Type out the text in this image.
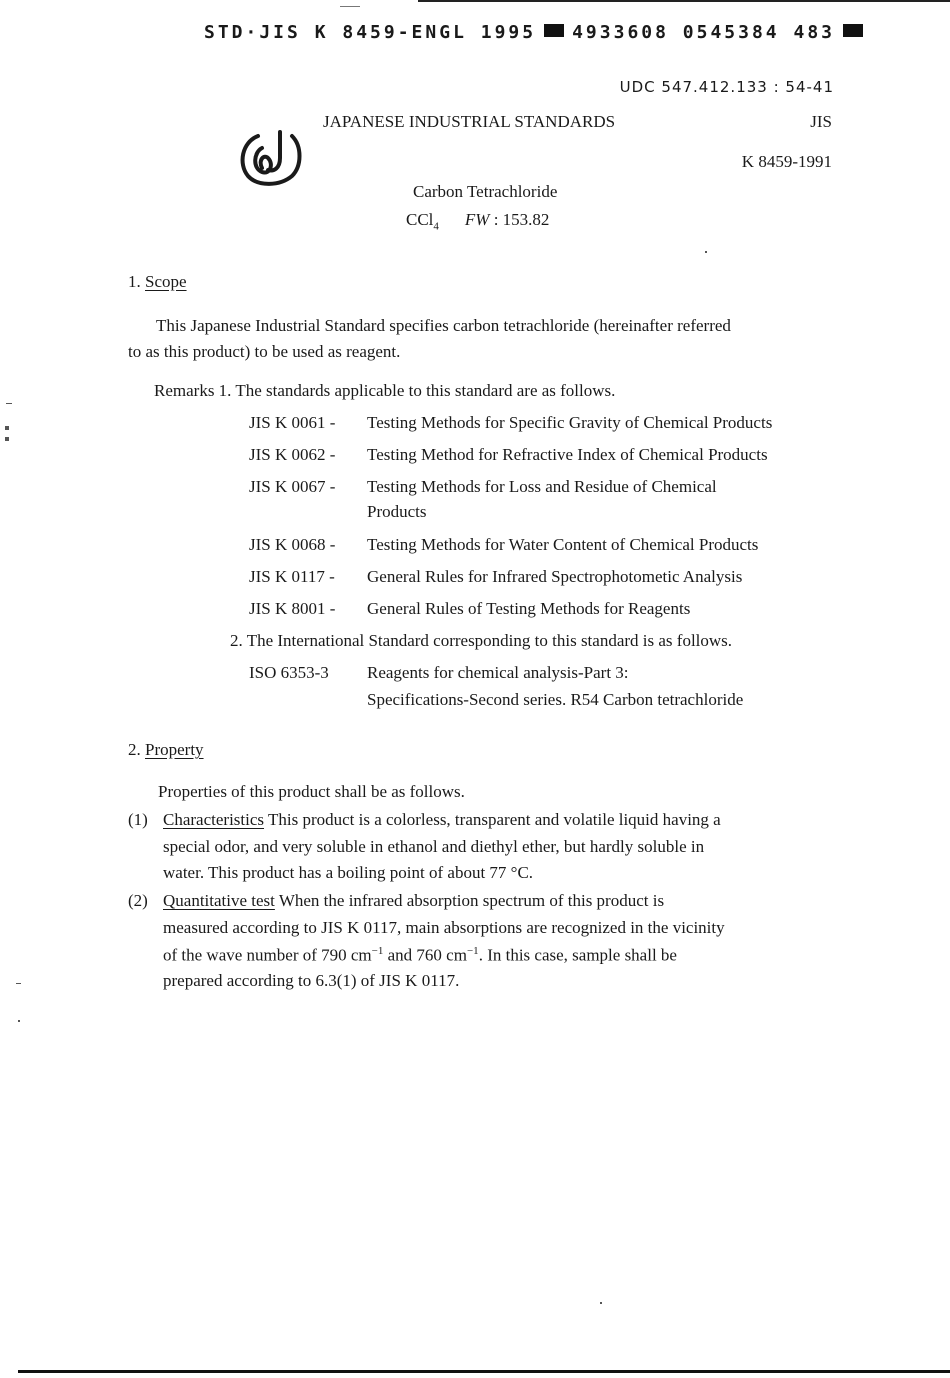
STD·JIS K 8459-ENGL 1995 4933608 0545384 483
UDC 547.412.133 : 54-41
JAPANESE INDUSTRIAL STANDARDS	JIS
K 8459-1991
Carbon Tetrachloride
CCl$_4$ FW : 153.82
1. Scope
This Japanese Industrial Standard specifies carbon tetrachloride (hereinafter referred
to as this product) to be used as reagent.
Remarks 1. The standards applicable to this standard are as follows.
JIS K 0061 - Testing Methods for Specific Gravity of Chemical Products
JIS K 0062 - Testing Method for Refractive Index of Chemical Products
JIS K 0067 - Testing Methods for Loss and Residue of Chemical
Products
JIS K 0068 - Testing Methods for Water Content of Chemical Products
JIS K 0117 - General Rules for Infrared Spectrophotometic Analysis
JIS K 8001 - General Rules of Testing Methods for Reagents
2. The International Standard corresponding to this standard is as follows.
ISO 6353-3 Reagents for chemical analysis-Part 3:
Specifications-Second series. R54 Carbon tetrachloride
2. Property
Properties of this product shall be as follows.
(1) Characteristics This product is a colorless, transparent and volatile liquid having a
special odor, and very soluble in ethanol and diethyl ether, but hardly soluble in
water. This product has a boiling point of about 77 °C.
(2) Quantitative test When the infrared absorption spectrum of this product is
measured according to JIS K 0117, main absorptions are recognized in the vicinity
of the wave number of 790 $cm^{-1}$ and 760 $cm^{-1}$. In this case, sample shall be
prepared according to 6.3(1) of JIS K 0117.
